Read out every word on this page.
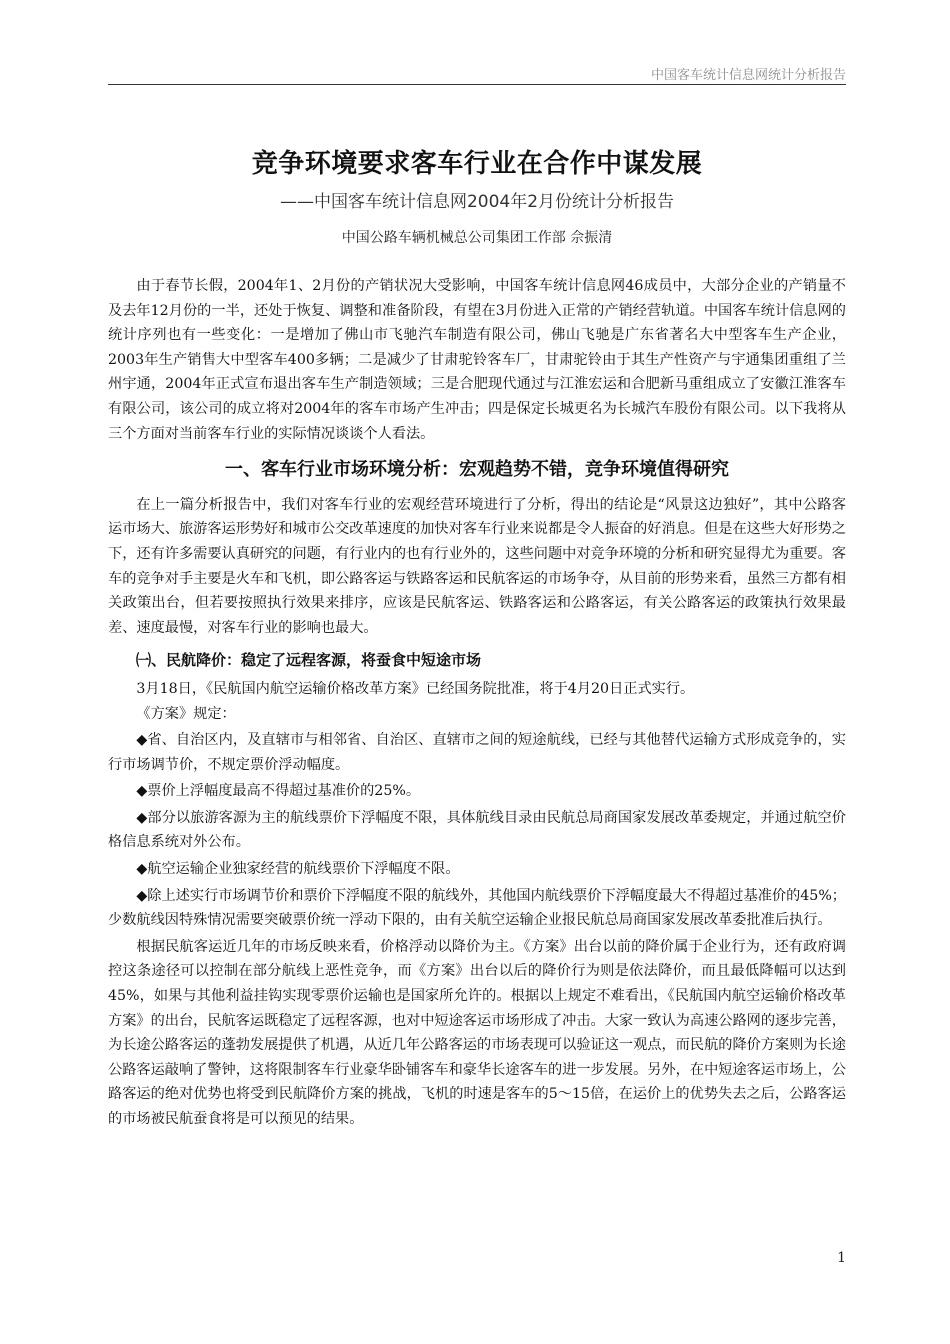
中国客车统计信息网统计分析报告
竞争环境要求客车行业在合作中谋发展
——中国客车统计信息网2004年2月份统计分析报告
中国公路车辆机械总公司集团工作部 佘振清

由于春节长假，2004年1、2月份的产销状况大受影响，中国客车统计信息网46成员中，大部分企业的产销量不及去年12月份的一半，还处于恢复、调整和准备阶段，有望在3月份进入正常的产销经营轨道。中国客车统计信息网的统计序列也有一些变化：一是增加了佛山市飞驰汽车制造有限公司，佛山飞驰是广东省著名大中型客车生产企业，2003年生产销售大中型客车400多辆；二是减少了甘肃驼铃客车厂，甘肃驼铃由于其生产性资产与宇通集团重组了兰州宇通，2004年正式宣布退出客车生产制造领域；三是合肥现代通过与江淮宏运和合肥新马重组成立了安徽江淮客车有限公司，该公司的成立将对2004年的客车市场产生冲击；四是保定长城更名为长城汽车股份有限公司。以下我将从三个方面对当前客车行业的实际情况谈谈个人看法。

一、客车行业市场环境分析：宏观趋势不错，竞争环境值得研究

在上一篇分析报告中，我们对客车行业的宏观经营环境进行了分析，得出的结论是“风景这边独好”，其中公路客运市场大、旅游客运形势好和城市公交改革速度的加快对客车行业来说都是令人振奋的好消息。但是在这些大好形势之下，还有许多需要认真研究的问题，有行业内的也有行业外的，这些问题中对竞争环境的分析和研究显得尤为重要。客车的竞争对手主要是火车和飞机，即公路客运与铁路客运和民航客运的市场争夺，从目前的形势来看，虽然三方都有相关政策出台，但若要按照执行效果来排序，应该是民航客运、铁路客运和公路客运，有关公路客运的政策执行效果最差、速度最慢，对客车行业的影响也最大。

㈠、民航降价：稳定了远程客源，将蚕食中短途市场

3月18日，《民航国内航空运输价格改革方案》已经国务院批准，将于4月20日正式实行。

《方案》规定：

◆省、自治区内，及直辖市与相邻省、自治区、直辖市之间的短途航线，已经与其他替代运输方式形成竞争的，实行市场调节价，不规定票价浮动幅度。

◆票价上浮幅度最高不得超过基准价的25%。

◆部分以旅游客源为主的航线票价下浮幅度不限，具体航线目录由民航总局商国家发展改革委规定，并通过航空价格信息系统对外公布。

◆航空运输企业独家经营的航线票价下浮幅度不限。

◆除上述实行市场调节价和票价下浮幅度不限的航线外，其他国内航线票价下浮幅度最大不得超过基准价的45%；少数航线因特殊情况需要突破票价统一浮动下限的，由有关航空运输企业报民航总局商国家发展改革委批准后执行。

根据民航客运近几年的市场反映来看，价格浮动以降价为主。《方案》出台以前的降价属于企业行为，还有政府调控这条途径可以控制在部分航线上恶性竞争，而《方案》出台以后的降价行为则是依法降价，而且最低降幅可以达到45%，如果与其他利益挂钩实现零票价运输也是国家所允许的。根据以上规定不难看出，《民航国内航空运输价格改革方案》的出台，民航客运既稳定了远程客源，也对中短途客运市场形成了冲击。大家一致认为高速公路网的逐步完善，为长途公路客运的蓬勃发展提供了机遇，从近几年公路客运的市场表现可以验证这一观点，而民航的降价方案则为长途公路客运敲响了警钟，这将限制客车行业豪华卧铺客车和豪华长途客车的进一步发展。另外，在中短途客运市场上，公路客运的绝对优势也将受到民航降价方案的挑战，飞机的时速是客车的5～15倍，在运价上的优势失去之后，公路客运的市场被民航蚕食将是可以预见的结果。

1
